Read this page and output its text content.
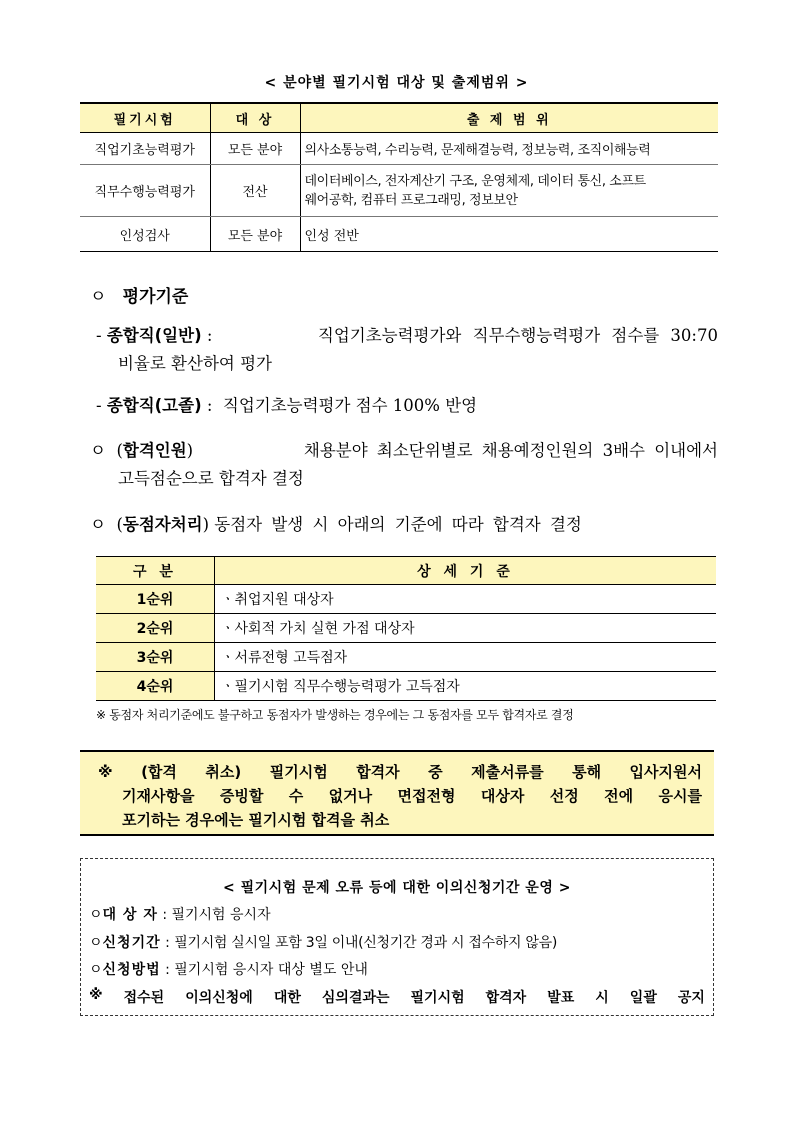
< 분야별 필기시험 대상 및 출제범위 >
필기시험	대 상	출 제 범 위
직업기초능력평가	모든 분야	의사소통능력, 수리능력, 문제해결능력, 정보능력, 조직이해능력
직무수행능력평가	전산	데이터베이스, 전자계산기 구조, 운영체제, 데이터 통신, 소프트
웨어공학, 컴퓨터 프로그래밍, 정보보안

인성검사	모든 분야	인성 전반
ㅇ 평가기준
- 종합직(일반) :	직업기초능력평가와 직무수행능력평가 점수를 30:70
비율로 환산하여 평가
- 종합직(고졸) : 직업기초능력평가 점수 100% 반영
ㅇ  (합격인원)	채용분야 최소단위별로 채용예정인원의 3배수 이내에서
고득점순으로 합격자 결정
ㅇ  (동점자처리) 동점자 발생 시 아래의 기준에 따라 합격자 결정
구 분	상 세 기 준
1순위	ㆍ취업지원 대상자
2순위	ㆍ사회적 가치 실현 가점 대상자
3순위	ㆍ서류전형 고득점자
4순위	ㆍ필기시험 직무수행능력평가 고득점자
※ 동점자 처리기준에도 불구하고 동점자가 발생하는 경우에는 그 동점자를 모두 합격자로 결정
※ (합격 취소) 필기시험 합격자 중 제출서류를 통해 입사지원서
기재사항을 증빙할 수 없거나 면접전형 대상자 선정 전에 응시를
포기하는 경우에는 필기시험 합격을 취소
< 필기시험 문제 오류 등에 대한 이의신청기간 운영 >
ㅇ대 상 자 : 필기시험 응시자
ㅇ신청기간 : 필기시험 실시일 포함 3일 이내(신청기간 경과 시 접수하지 않음)
ㅇ신청방법 : 필기시험 응시자 대상 별도 안내
※ 접수된 이의신청에 대한 심의결과는 필기시험 합격자 발표 시 일괄 공지
